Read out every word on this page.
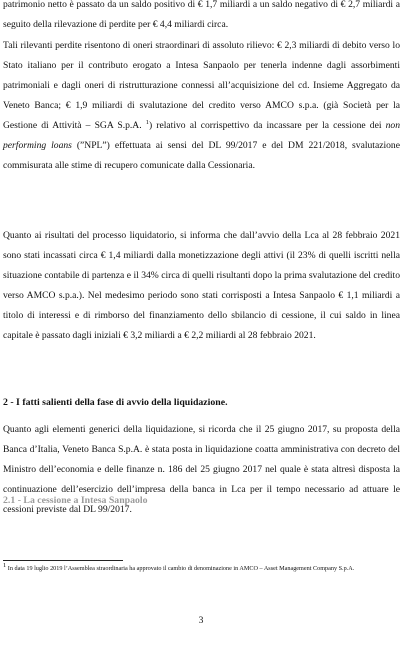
patrimonio netto è passato da un saldo positivo di € 1,7 miliardi a un saldo negativo di € 2,7 miliardi a seguito della rilevazione di perdite per € 4,4 miliardi circa.

Tali rilevanti perdite risentono di oneri straordinari di assoluto rilievo: € 2,3 miliardi di debito verso lo Stato italiano per il contributo erogato a Intesa Sanpaolo per tenerla indenne dagli assorbimenti patrimoniali e dagli oneri di ristrutturazione connessi all’acquisizione del cd. Insieme Aggregato da Veneto Banca; € 1,9 miliardi di svalutazione del credito verso AMCO s.p.a. (già Società per la Gestione di Attività – SGA S.p.A. $^1$) relativo al corrispettivo da incassare per la cessione dei non performing loans (”NPL”) effettuata ai sensi del DL 99/2017 e del DM 221/2018, svalutazione commisurata alle stime di recupero comunicate dalla Cessionaria.

Quanto ai risultati del processo liquidatorio, si informa che dall’avvio della Lca al 28 febbraio 2021 sono stati incassati circa € 1,4 miliardi dalla monetizzazione degli attivi (il 23% di quelli iscritti nella situazione contabile di partenza e il 34% circa di quelli risultanti dopo la prima svalutazione del credito verso AMCO s.p.a.). Nel medesimo periodo sono stati corrisposti a Intesa Sanpaolo € 1,1 miliardi a titolo di interessi e di rimborso del finanziamento dello sbilancio di cessione, il cui saldo in linea capitale è passato dagli iniziali € 3,2 miliardi a € 2,2 miliardi al 28 febbraio 2021.

2 - I fatti salienti della fase di avvio della liquidazione.

Quanto agli elementi generici della liquidazione, si ricorda che il 25 giugno 2017, su proposta della Banca d’Italia, Veneto Banca S.p.A. è stata posta in liquidazione coatta amministrativa con decreto del Ministro dell’economia e delle finanze n. 186 del 25 giugno 2017 nel quale è stata altresì disposta la continuazione dell’esercizio dell’impresa della banca in Lca per il tempo necessario ad attuare le cessioni previste dal DL 99/2017.

2.1 - La cessione a Intesa Sanpaolo

$^1$ In data 19 luglio 2019 l’Assemblea straordinaria ha approvato il cambio di denominazione in AMCO – Asset Management Company S.p.A.

3
